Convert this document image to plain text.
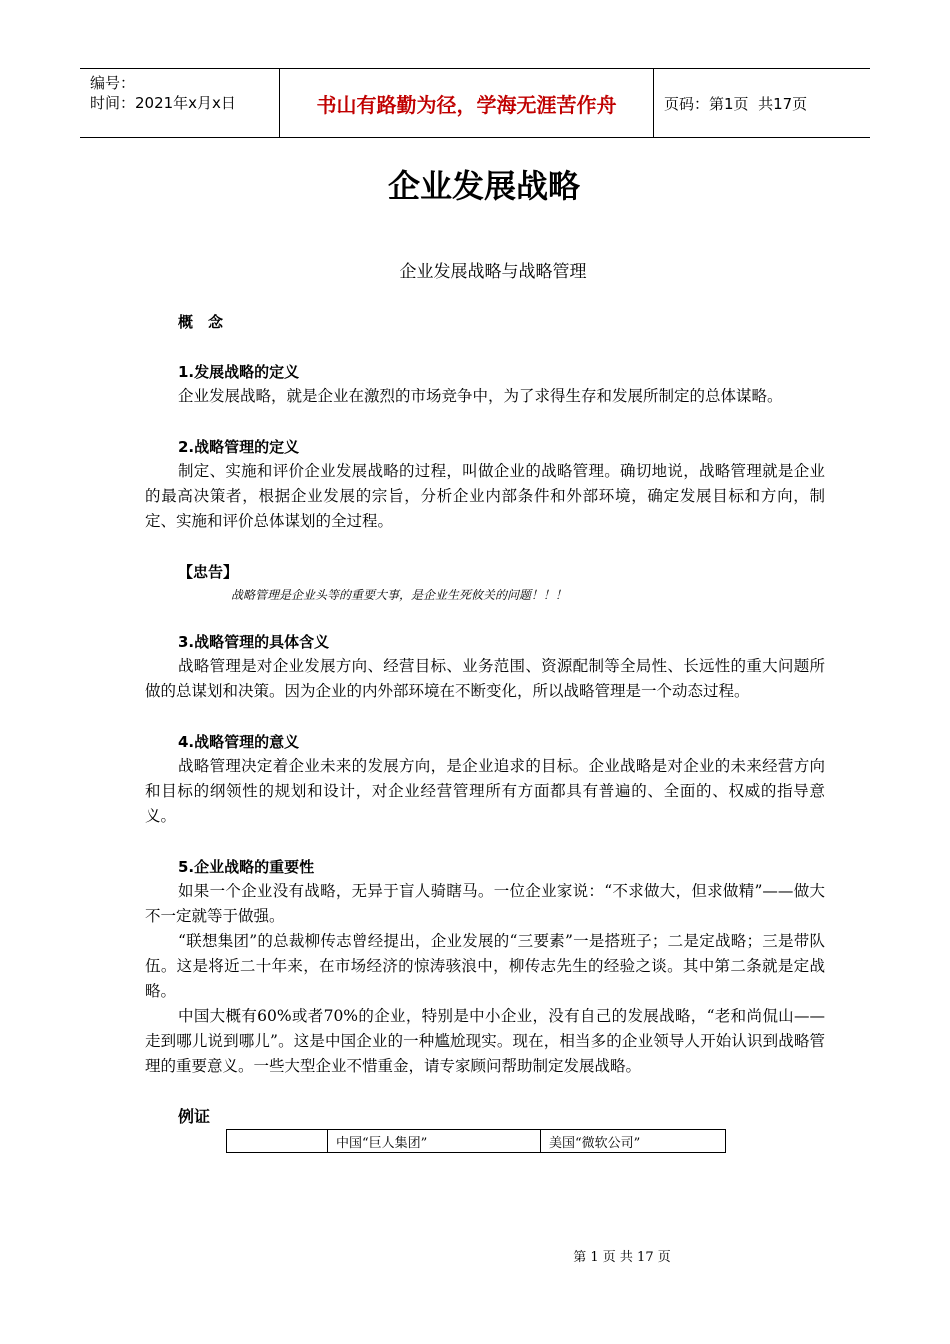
编号：
时间：2021年x月x日	书山有路勤为径，学海无涯苦作舟	页码：第1页  共17页
企业发展战略
企业发展战略与战略管理
概　念
1.发展战略的定义

企业发展战略，就是企业在激烈的市场竞争中，为了求得生存和发展所制定的总体谋略。

2.战略管理的定义

制定、实施和评价企业发展战略的过程，叫做企业的战略管理。确切地说，战略管理就是企业的最高决策者，根据企业发展的宗旨，分析企业内部条件和外部环境，确定发展目标和方向，制定、实施和评价总体谋划的全过程。

【忠告】
战略管理是企业头等的重要大事，是企业生死攸关的问题！！！
3.战略管理的具体含义

战略管理是对企业发展方向、经营目标、业务范围、资源配制等全局性、长远性的重大问题所做的总谋划和决策。因为企业的内外部环境在不断变化，所以战略管理是一个动态过程。

4.战略管理的意义

战略管理决定着企业未来的发展方向，是企业追求的目标。企业战略是对企业的未来经营方向和目标的纲领性的规划和设计，对企业经营管理所有方面都具有普遍的、全面的、权威的指导意义。

5.企业战略的重要性

如果一个企业没有战略，无异于盲人骑瞎马。一位企业家说：“不求做大，但求做精”——做大不一定就等于做强。

“联想集团”的总裁柳传志曾经提出，企业发展的“三要素”一是搭班子；二是定战略；三是带队伍。这是将近二十年来，在市场经济的惊涛骇浪中，柳传志先生的经验之谈。其中第二条就是定战略。

中国大概有60%或者70%的企业，特别是中小企业，没有自己的发展战略，“老和尚侃山——走到哪儿说到哪儿”。这是中国企业的一种尴尬现实。现在，相当多的企业领导人开始认识到战略管理的重要意义。一些大型企业不惜重金，请专家顾问帮助制定发展战略。

例证
	中国“巨人集团”	美国“微软公司”
第 1 页 共 17 页
